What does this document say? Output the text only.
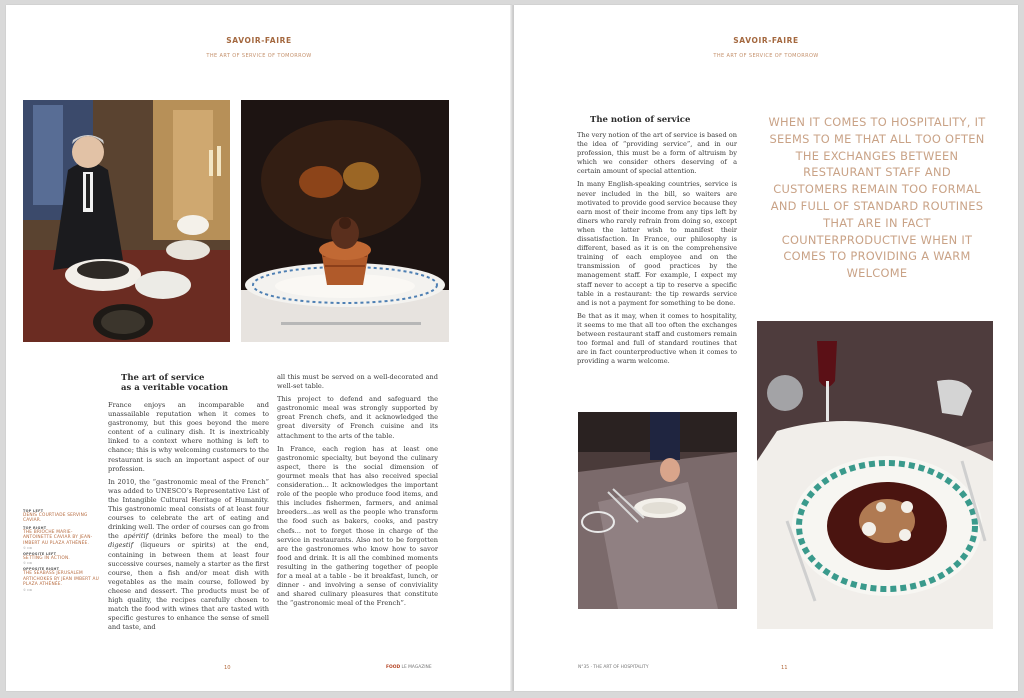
SAVOIR-FAIRE
THE ART OF SERVICE OF TOMORROW
The art of service
as a veritable vocation

France enjoys an incomparable and unassailable reputation when it comes to gastronomy, but this goes beyond the mere content of a culinary dish. It is inextricably linked to a context where nothing is left to chance; this is why welcoming customers to the restaurant is such an important aspect of our profession.

In 2010, the “gastronomic meal of the French” was added to UNESCO’s Representative List of the Intangible Cultural Heritage of Humanity. This gastronomic meal consists of at least four courses to celebrate the art of eating and drinking well. The order of courses can go from the apéritif (drinks before the meal) to the digestif (liqueurs or spirits) at the end, containing in between them at least four successive courses, namely a starter as the first course, then a fish and/or meat dish with vegetables as the main course, followed by cheese and dessert. The products must be of high quality, the recipes carefully chosen to match the food with wines that are tasted with specific gestures to enhance the sense of smell and taste, and

all this must be served on a well-decorated and well-set table.

This project to defend and safeguard the gastronomic meal was strongly supported by great French chefs, and it acknowledged the great diversity of French cuisine and its attachment to the arts of the table.

In France, each region has at least one gastronomic specialty, but beyond the culinary aspect, there is the social dimension of gourmet meals that has also received special consideration... It acknowledges the important role of the people who produce food items, and this includes fishermen, farmers, and animal breeders...as well as the people who transform the food such as bakers, cooks, and pastry chefs... not to forget those in charge of the service in restaurants. Also not to be forgotten are the gastronomes who know how to savor food and drink. It is all the combined moments resulting in the gathering together of people for a meal at a table - be it breakfast, lunch, or dinner - and involving a sense of conviviality and shared culinary pleasures that constitute the “gastronomic meal of the French”.

TOP LEFT
DENIS COURTIADE SERVING CAVIAR.
TOP RIGHT
THE BRIOCHE MARIE-ANTOINETTE CAVIAR BY JEAN-IMBERT AU PLAZA ATHÉNÉE.
© DR
OPPOSITE LEFT
SETTING IN ACTION.
© DR
OPPOSITE RIGHT
THE SEABASS JERUSALEM ARTICHOKES BY JEAN IMBERT AU PLAZA ATHÉNÉE.
© DR
10	FOOD LE MAGAZINE
SAVOIR-FAIRE
THE ART OF SERVICE OF TOMORROW
The notion of service

The very notion of the art of service is based on the idea of “providing service”, and in our profession, this must be a form of altruism by which we consider others deserving of a certain amount of special attention.

In many English-speaking countries, service is never included in the bill, so waiters are motivated to provide good service because they earn most of their income from any tips left by diners who rarely refrain from doing so, except when the latter wish to manifest their dissatisfaction. In France, our philosophy is different, based as it is on the comprehensive training of each employee and on the transmission of good practices by the management staff. For example, I expect my staff never to accept a tip to reserve a specific table in a restaurant: the tip rewards service and is not a payment for something to be done.

Be that as it may, when it comes to hospitality, it seems to me that all too often the exchanges between restaurant staff and customers remain too formal and full of standard routines that are in fact counterproductive when it comes to providing a warm welcome.

WHEN IT COMES TO HOSPITALITY, IT SEEMS TO ME THAT ALL TOO OFTEN THE EXCHANGES BETWEEN RESTAURANT STAFF AND CUSTOMERS REMAIN TOO FORMAL AND FULL OF STANDARD ROUTINES THAT ARE IN FACT COUNTERPRODUCTIVE WHEN IT COMES TO PROVIDING A WARM WELCOME
N°35 · THE ART OF HOSPITALITY	11
